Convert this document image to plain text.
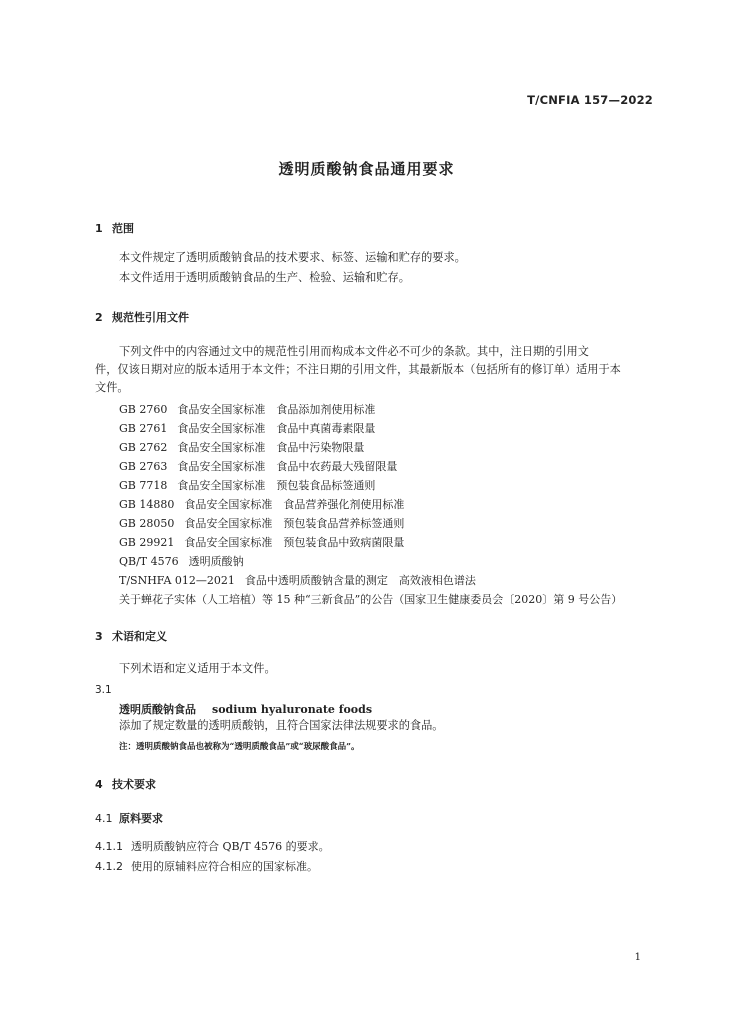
T/CNFIA 157—2022
透明质酸钠食品通用要求
1 范围
本文件规定了透明质酸钠食品的技术要求、标签、运输和贮存的要求。
本文件适用于透明质酸钠食品的生产、检验、运输和贮存。
2 规范性引用文件
下列文件中的内容通过文中的规范性引用而构成本文件必不可少的条款。其中，注日期的引用文
件，仅该日期对应的版本适用于本文件；不注日期的引用文件，其最新版本（包括所有的修订单）适用于本
文件。
GB 2760 食品安全国家标准　食品添加剂使用标准
GB 2761 食品安全国家标准　食品中真菌毒素限量
GB 2762 食品安全国家标准　食品中污染物限量
GB 2763 食品安全国家标准　食品中农药最大残留限量
GB 7718 食品安全国家标准　预包装食品标签通则
GB 14880 食品安全国家标准　食品营养强化剂使用标准
GB 28050 食品安全国家标准　预包装食品营养标签通则
GB 29921 食品安全国家标准　预包装食品中致病菌限量
QB/T 4576 透明质酸钠
T/SNHFA 012—2021 食品中透明质酸钠含量的测定　高效液相色谱法
关于蝉花子实体（人工培植）等 15 种“三新食品”的公告（国家卫生健康委员会〔2020〕第 9 号公告）
3 术语和定义
下列术语和定义适用于本文件。
3.1
透明质酸钠食品 sodium hyaluronate foods
添加了规定数量的透明质酸钠，且符合国家法律法规要求的食品。
注：透明质酸钠食品也被称为“透明质酸食品”或“玻尿酸食品”。
4 技术要求
4.1 原料要求
4.1.1 透明质酸钠应符合 QB/T 4576 的要求。
4.1.2 使用的原辅料应符合相应的国家标准。
1
